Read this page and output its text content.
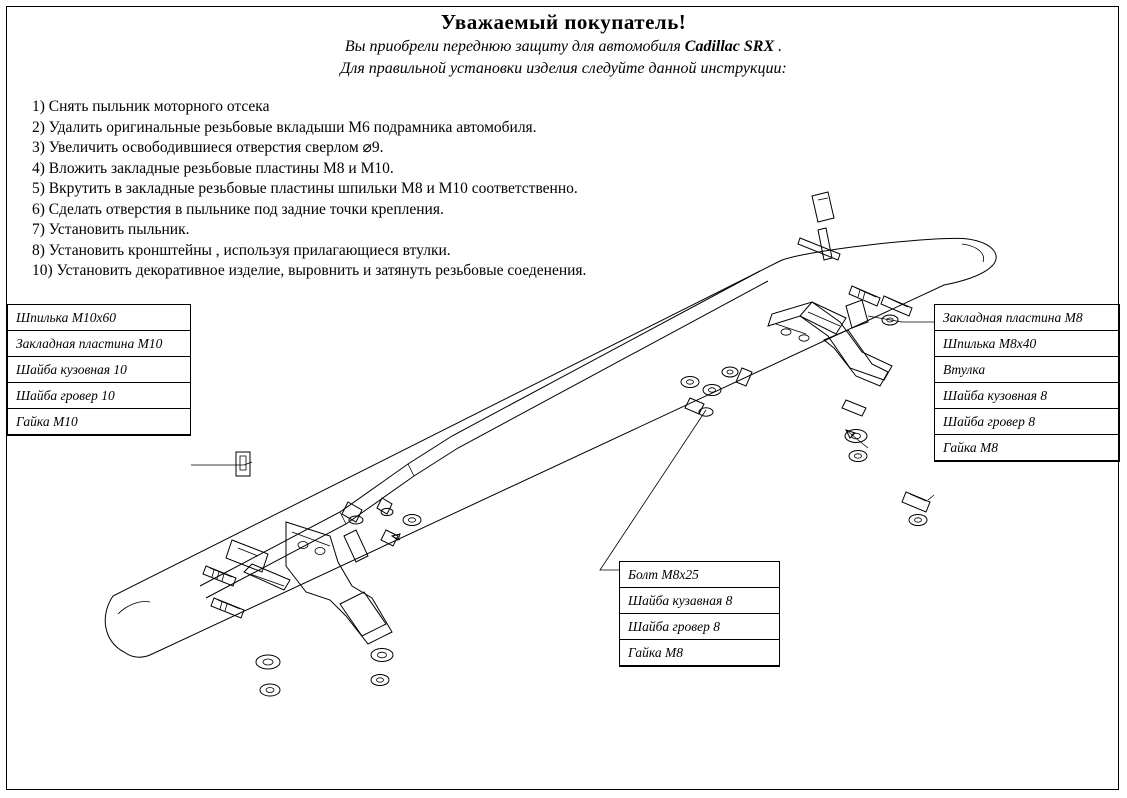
Уважаемый покупатель!
Вы приобрели переднюю защиту для автомобиля Cadillac SRX .
Для правильной установки изделия следуйте данной инструкции:
1) Снять пыльник моторного отсека
2) Удалить оригинальные резьбовые вкладыши М6 подрамника автомобиля.
3) Увеличить освободившиеся отверстия сверлом ⌀9.
4) Вложить закладные резьбовые пластины М8 и М10.
5) Вкрутить в закладные резьбовые пластины шпильки М8 и М10 соответственно.
6) Сделать отверстия в пыльнике под задние точки крепления.
7) Установить пыльник.
8) Установить кронштейны , используя прилагающиеся втулки.
10) Установить декоративное изделие, выровнить и затянуть резьбовые соеденения.
Шпилька М10х60
Закладная пластина М10
Шайба кузовная 10
Шайба гровер 10
Гайка М10
Закладная пластина М8
Шпилька М8х40
Втулка
Шайба кузовная 8
Шайба гровер 8
Гайка М8
Болт М8х25
Шайба кузавная 8
Шайба гровер 8
Гайка М8
